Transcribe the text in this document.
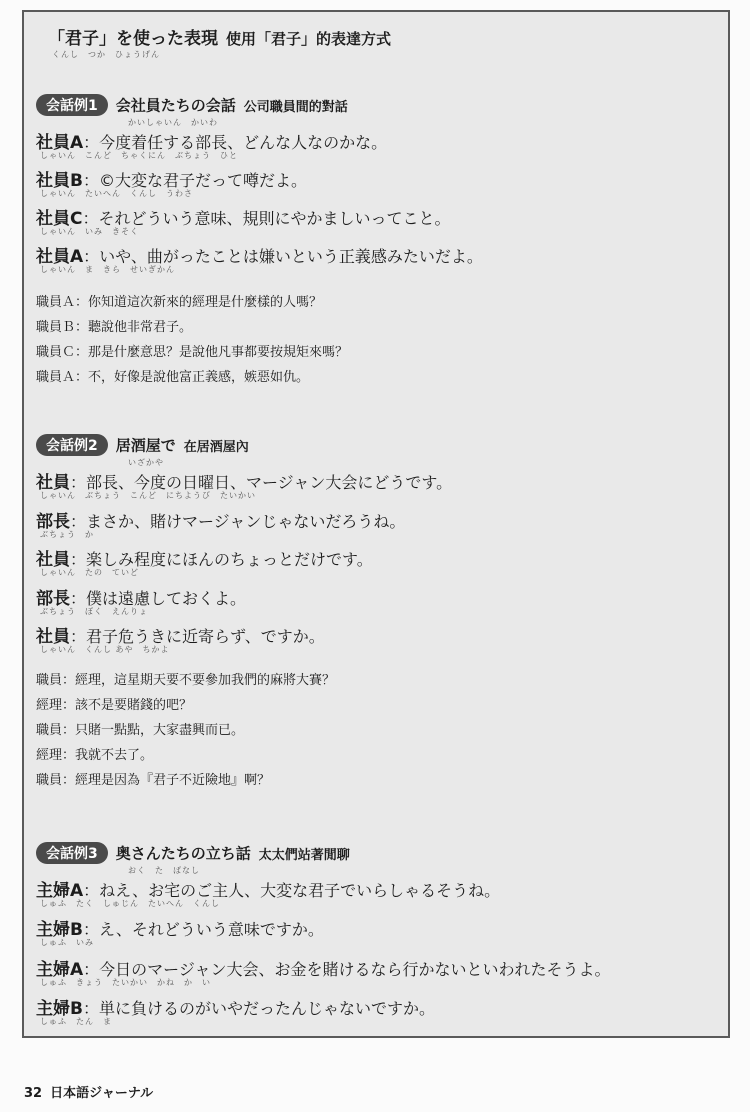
「君子」を使った表現 使用「君子」的表達方式
くんし　つか　ひょうげん
会話例1 会社員たちの会話 公司職員間的對話
かいしゃいん　かいわ
社員A：今度着任する部長、どんな人なのかな。
しゃいん　こんど　ちゃくにん　ぶちょう　ひと
社員B：©大変な君子だって噂だよ。
しゃいん　たいへん　くんし　うわさ
社員C：それどういう意味、規則にやかましいってこと。
しゃいん　いみ　きそく
社員A：いや、曲がったことは嫌いという正義感みたいだよ。
しゃいん　ま　きら　せいぎかん
職員Ａ：你知道這次新來的經理是什麼樣的人嗎？
職員Ｂ：聽說他非常君子。
職員Ｃ：那是什麼意思？是說他凡事都要按規矩來嗎？
職員Ａ：不，好像是說他富正義感，嫉惡如仇。
会話例2 居酒屋で 在居酒屋內
いざかや
社員：部長、今度の日曜日、マージャン大会にどうです。
しゃいん　ぶちょう　こんど　にちようび　たいかい
部長：まさか、賭けマージャンじゃないだろうね。
ぶちょう　か
社員：楽しみ程度にほんのちょっとだけです。
しゃいん　たの　ていど
部長：僕は遠慮しておくよ。
ぶちょう　ぼく　えんりょ
社員：君子危うきに近寄らず、ですか。
しゃいん　くんし あや　ちかよ
職員：經理，這星期天要不要參加我們的麻將大賽？
經理：該不是要賭錢的吧？
職員：只賭一點點，大家盡興而已。
經理：我就不去了。
職員：經理是因為『君子不近險地』啊？
会話例3 奥さんたちの立ち話 太太們站著閒聊
おく　た　ばなし
主婦A：ねえ、お宅のご主人、大変な君子でいらしゃるそうね。
しゅふ　たく　しゅじん　たいへん　くんし
主婦B：え、それどういう意味ですか。
しゅふ　いみ
主婦A：今日のマージャン大会、お金を賭けるなら行かないといわれたそうよ。
しゅふ　きょう　たいかい　かね　か　い
主婦B：単に負けるのがいやだったんじゃないですか。
しゅふ　たん　ま
32 日本語ジャーナル
